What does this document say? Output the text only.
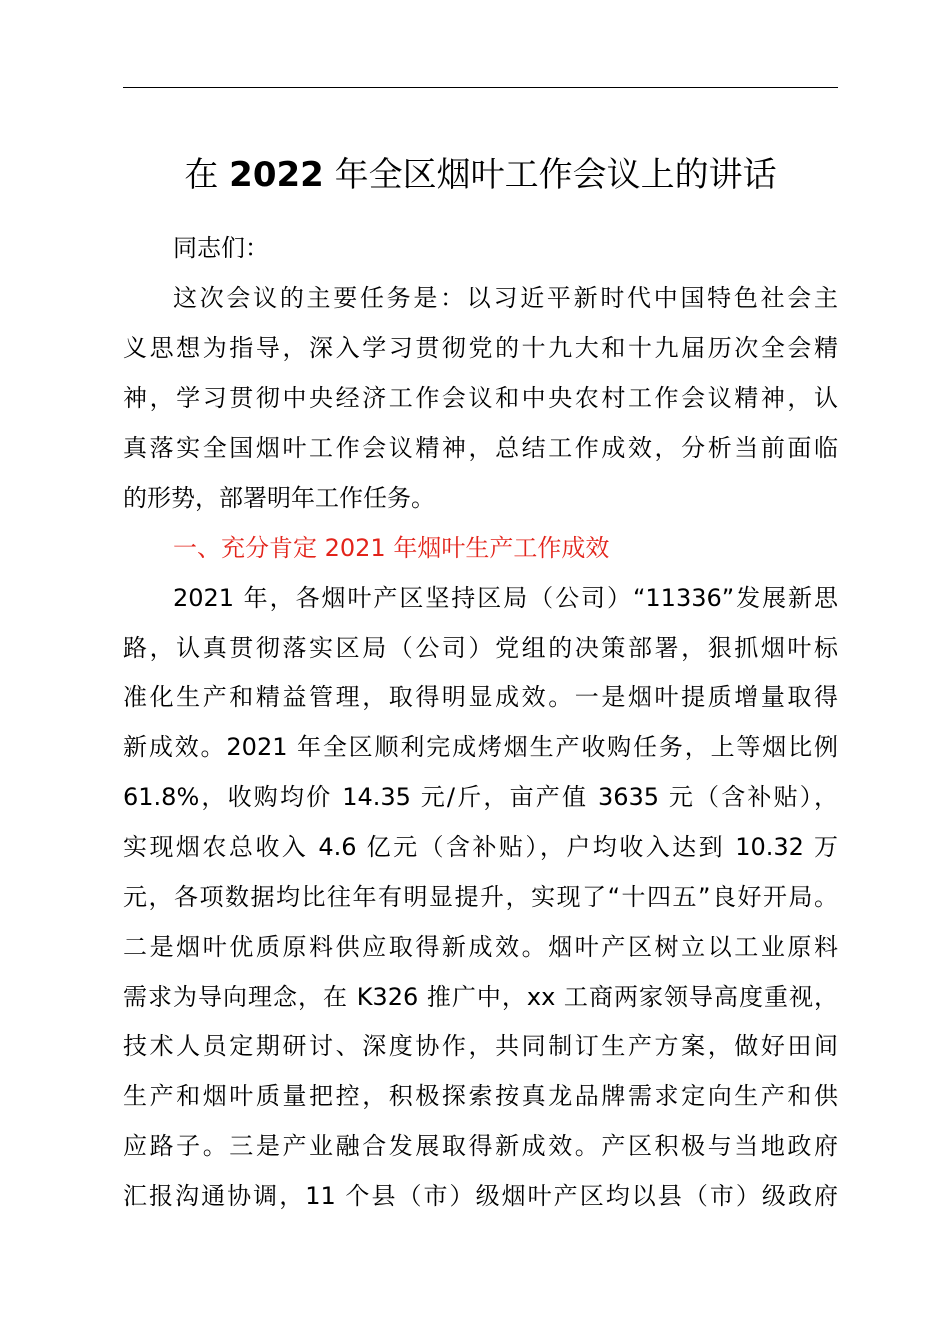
在 2022 年全区烟叶工作会议上的讲话
同志们：
这次会议的主要任务是：以习近平新时代中国特色社会主
义思想为指导，深入学习贯彻党的十九大和十九届历次全会精
神，学习贯彻中央经济工作会议和中央农村工作会议精神，认
真落实全国烟叶工作会议精神，总结工作成效，分析当前面临
的形势，部署明年工作任务。
一、充分肯定 2021 年烟叶生产工作成效
2021 年，各烟叶产区坚持区局（公司）“11336”发展新思
路，认真贯彻落实区局（公司）党组的决策部署，狠抓烟叶标
准化生产和精益管理，取得明显成效。一是烟叶提质增量取得
新成效。2021 年全区顺利完成烤烟生产收购任务，上等烟比例
61.8%，收购均价 14.35 元/斤，亩产值 3635 元（含补贴），
实现烟农总收入 4.6 亿元（含补贴），户均收入达到 10.32 万
元，各项数据均比往年有明显提升，实现了“十四五”良好开局。
二是烟叶优质原料供应取得新成效。烟叶产区树立以工业原料
需求为导向理念，在 K326 推广中，xx 工商两家领导高度重视，
技术人员定期研讨、深度协作，共同制订生产方案，做好田间
生产和烟叶质量把控，积极探索按真龙品牌需求定向生产和供
应路子。三是产业融合发展取得新成效。产区积极与当地政府
汇报沟通协调，11 个县（市）级烟叶产区均以县（市）级政府
